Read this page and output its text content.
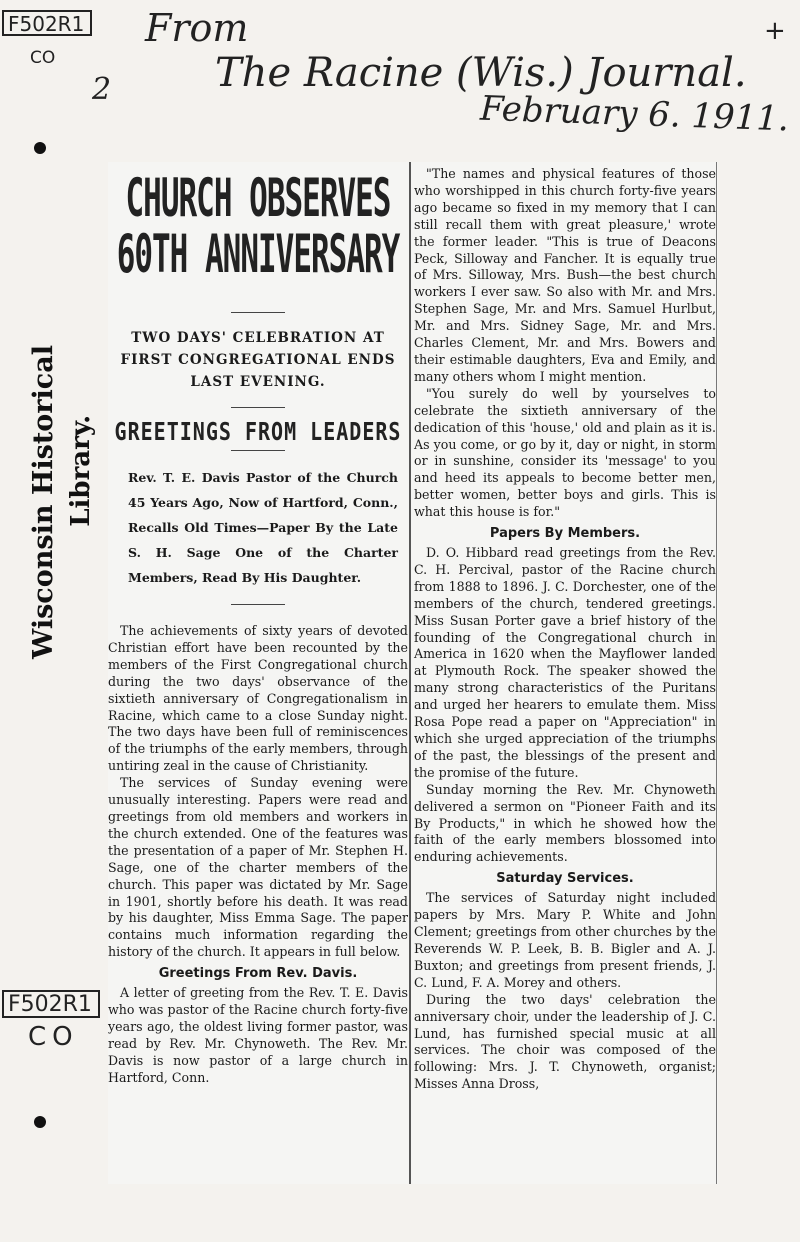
F502R1
CO
+
2
From
The Racine (Wis.) Journal.
February 6. 1911.
Wisconsin Historical Library.
F502R1
CO

CHURCH OBSERVES

60TH ANNIVERSARY

TWO DAYS' CELEBRATION AT FIRST CONGREGATIONAL ENDS LAST EVENING.
GREETINGS FROM LEADERS
Rev. T. E. Davis Pastor of the Church 45 Years Ago, Now of Hartford, Conn., Recalls Old Times—Paper By the Late S. H. Sage One of the Charter Members, Read By His Daughter.

The achievements of sixty years of devoted Christian effort have been recounted by the members of the First Congregational church during the two days' observance of the sixtieth anniversary of Congregationalism in Racine, which came to a close Sunday night. The two days have been full of reminiscences of the triumphs of the early members, through untiring zeal in the cause of Christianity.

The services of Sunday evening were unusually interesting. Papers were read and greetings from old members and workers in the church extended. One of the features was the presentation of a paper of Mr. Stephen H. Sage, one of the charter members of the church. This paper was dictated by Mr. Sage in 1901, shortly before his death. It was read by his daughter, Miss Emma Sage. The paper contains much information regarding the history of the church. It appears in full below.

Greetings From Rev. Davis.

A letter of greeting from the Rev. T. E. Davis who was pastor of the Racine church forty-five years ago, the oldest living former pastor, was read by Rev. Mr. Chynoweth. The Rev. Mr. Davis is now pastor of a large church in Hartford, Conn.

"The names and physical features of those who worshipped in this church forty-five years ago became so fixed in my memory that I can still recall them with great pleasure,' wrote the former leader. "This is true of Deacons Peck, Silloway and Fancher. It is equally true of Mrs. Silloway, Mrs. Bush—the best church workers I ever saw. So also with Mr. and Mrs. Stephen Sage, Mr. and Mrs. Samuel Hurlbut, Mr. and Mrs. Sidney Sage, Mr. and Mrs. Charles Clement, Mr. and Mrs. Bowers and their estimable daughters, Eva and Emily, and many others whom I might mention.

"You surely do well by yourselves to celebrate the sixtieth anniversary of the dedication of this 'house,' old and plain as it is. As you come, or go by it, day or night, in storm or in sunshine, consider its 'message' to you and heed its appeals to become better men, better women, better boys and girls. This is what this house is for."

Papers By Members.

D. O. Hibbard read greetings from the Rev. C. H. Percival, pastor of the Racine church from 1888 to 1896. J. C. Dorchester, one of the members of the church, tendered greetings. Miss Susan Porter gave a brief history of the founding of the Congregational church in America in 1620 when the Mayflower landed at Plymouth Rock. The speaker showed the many strong characteristics of the Puritans and urged her hearers to emulate them. Miss Rosa Pope read a paper on "Appreciation" in which she urged appreciation of the triumphs of the past, the blessings of the present and the promise of the future.

Sunday morning the Rev. Mr. Chynoweth delivered a sermon on "Pioneer Faith and its By Products," in which he showed how the faith of the early members blossomed into enduring achievements.

Saturday Services.

The services of Saturday night included papers by Mrs. Mary P. White and John Clement; greetings from other churches by the Reverends W. P. Leek, B. B. Bigler and A. J. Buxton; and greetings from present friends, J. C. Lund, F. A. Morey and others.

During the two days' celebration the anniversary choir, under the leadership of J. C. Lund, has furnished special music at all services. The choir was composed of the following: Mrs. J. T. Chynoweth, organist; Misses Anna Dross,
